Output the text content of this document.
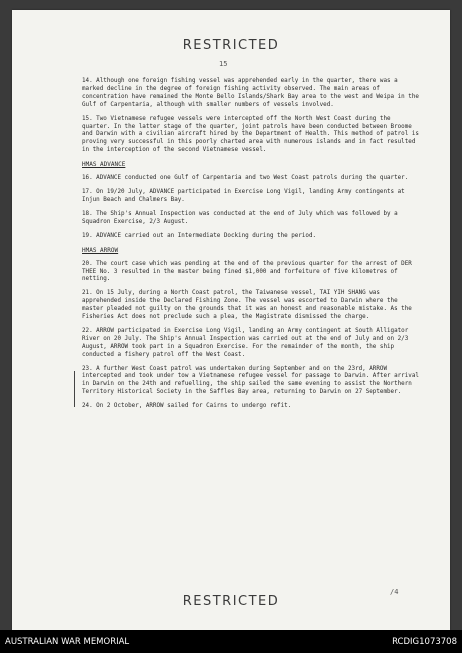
RESTRICTED
15

14. Although one foreign fishing vessel was apprehended early in the quarter, there was a marked decline in the degree of foreign fishing activity observed. The main areas of concentration have remained the Monte Bello Islands/Shark Bay area to the west and Weipa in the Gulf of Carpentaria, although with smaller numbers of vessels involved.

15. Two Vietnamese refugee vessels were intercepted off the North West Coast during the quarter. In the latter stage of the quarter, joint patrols have been conducted between Broome and Darwin with a civilian aircraft hired by the Department of Health. This method of patrol is proving very successful in this poorly charted area with numerous islands and in fact resulted in the interception of the second Vietnamese vessel.

HMAS ADVANCE

16. ADVANCE conducted one Gulf of Carpentaria and two West Coast patrols during the quarter.

17. On 19/20 July, ADVANCE participated in Exercise Long Vigil, landing Army contingents at Injun Beach and Chalmers Bay.

18. The Ship's Annual Inspection was conducted at the end of July which was followed by a Squadron Exercise, 2/3 August.

19. ADVANCE carried out an Intermediate Docking during the period.

HMAS ARROW

20. The court case which was pending at the end of the previous quarter for the arrest of DER THEE No. 3 resulted in the master being fined $1,000 and forfeiture of five kilometres of netting.

21. On 15 July, during a North Coast patrol, the Taiwanese vessel, TAI YIH SHANG was apprehended inside the Declared Fishing Zone. The vessel was escorted to Darwin where the master pleaded not guilty on the grounds that it was an honest and reasonable mistake. As the Fisheries Act does not preclude such a plea, the Magistrate dismissed the charge.

22. ARROW participated in Exercise Long Vigil, landing an Army contingent at South Alligator River on 20 July. The Ship's Annual Inspection was carried out at the end of July and on 2/3 August, ARROW took part in a Squadron Exercise. For the remainder of the month, the ship conducted a fishery patrol off the West Coast.

23. A further West Coast patrol was undertaken during September and on the 23rd, ARROW intercepted and took under tow a Vietnamese refugee vessel for passage to Darwin. After arrival in Darwin on the 24th and refuelling, the ship sailed the same evening to assist the Northern Territory Historical Society in the Saffles Bay area, returning to Darwin on 27 September.

24. On 2 October, ARROW sailed for Cairns to undergo refit.

/4
RESTRICTED
AUSTRALIAN WAR MEMORIAL	RCDIG1073708
